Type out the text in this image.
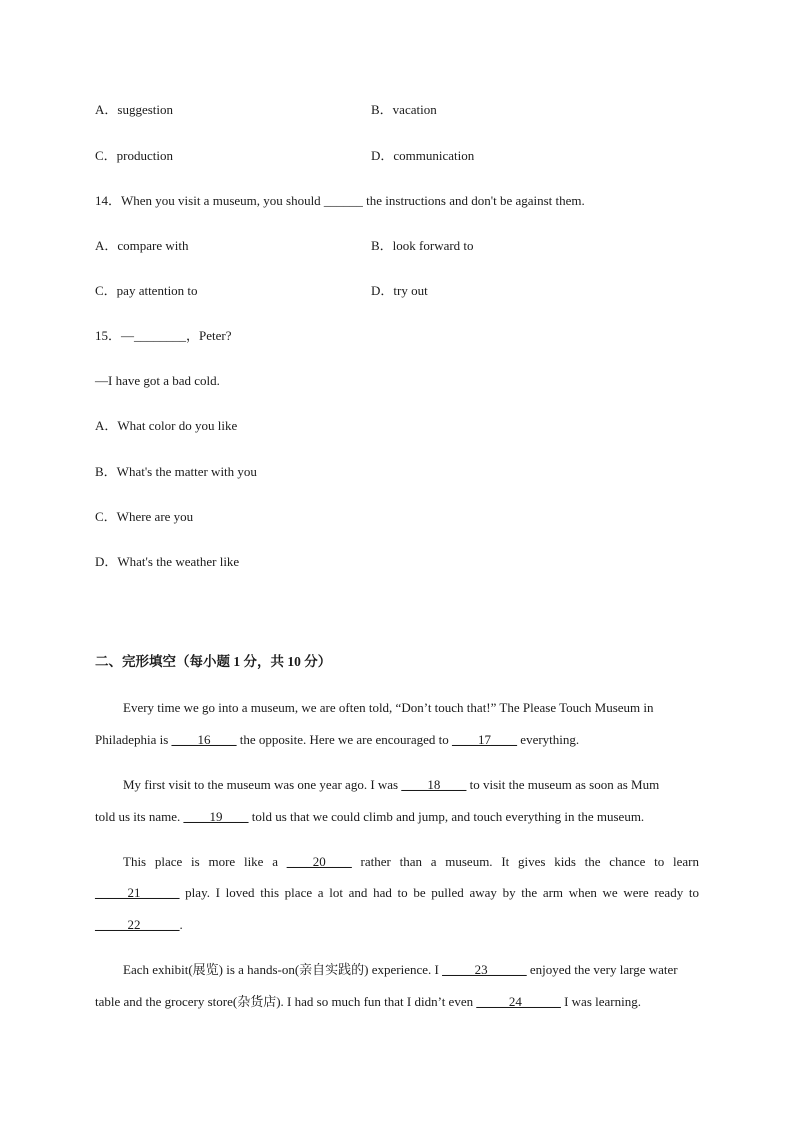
A．suggestion	B．vacation
C．production	D．communication
14．When you visit a museum, you should ______ the instructions and don't be against them.
A．compare with	B．look forward to
C．pay attention to	D．try out
15．—________，Peter?
—I have got a bad cold.
A．What color do you like
B．What's the matter with you
C．Where are you
D．What's the weather like
二、完形填空（每小题 1 分，共 10 分）
Every time we go into a museum, we are often told, “Don’t touch that!” The Please Touch Museum in
Philadephia is ____16____ the opposite. Here we are encouraged to ____17____ everything.
My first visit to the museum was one year ago. I was ____18____ to visit the museum as soon as Mum
told us its name. ____19____ told us that we could climb and jump, and touch everything in the museum.
This place is more like a ____20____ rather than a museum. It gives kids the chance to learn
_____21______ play. I loved this place a lot and had to be pulled away by the arm when we were ready to
_____22______.
Each exhibit(展览) is a hands-on(亲自实践的) experience. I _____23______ enjoyed the very large water
table and the grocery store(杂货店). I had so much fun that I didn’t even _____24______ I was learning.
